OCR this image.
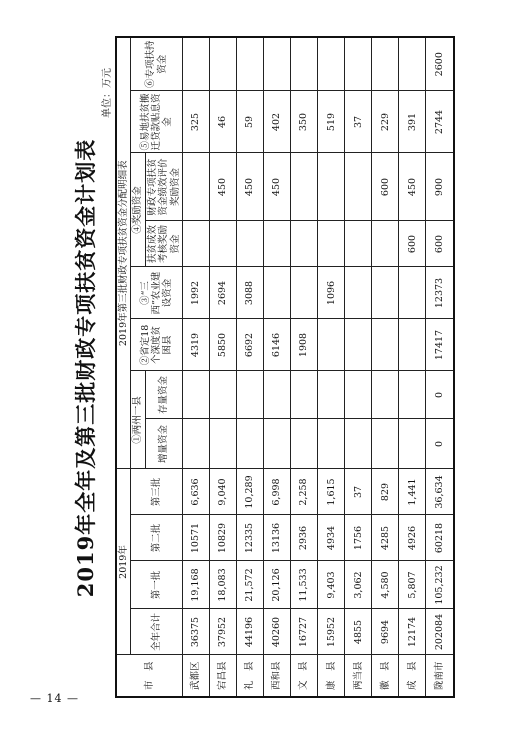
— 14 —
2019年全年及第三批财政专项扶贫资金计划表
单位：万元
市　县	2019年				2019年第三批财政专项扶贫资金分配明细表							
	全年合计	第一批	第二批	第三批	①两州一县		②省定18个深度贫困县	③“三西”农业建设资金	④奖励资金		⑤易地扶贫搬迁贷款贴息资金	⑥专项扶持资金
					增量资金	存量资金			扶贫成效考核奖励资金	财政专项扶贫资金绩效评价奖励资金		
武都区	36375	19,168	10571	6,636			4319	1992			325	
宕昌县	37952	18,083	10829	9,040			5850	2694		450	46	
礼　县	44196	21,572	12335	10,289			6692	3088		450	59	
西和县	40260	20,126	13136	6,998			6146			450	402	
文　县	16727	11,533	2936	2,258			1908				350	
康　县	15952	9,403	4934	1,615				1096			519	
两当县	4855	3,062	1756	37							37	
徽　县	9694	4,580	4285	829						600	229	
成　县	12174	5,807	4926	1,441					600	450	391	
陇南市	202084	105,232	60218	36,634	0	0	17417	12373	600	900	2744	2600
